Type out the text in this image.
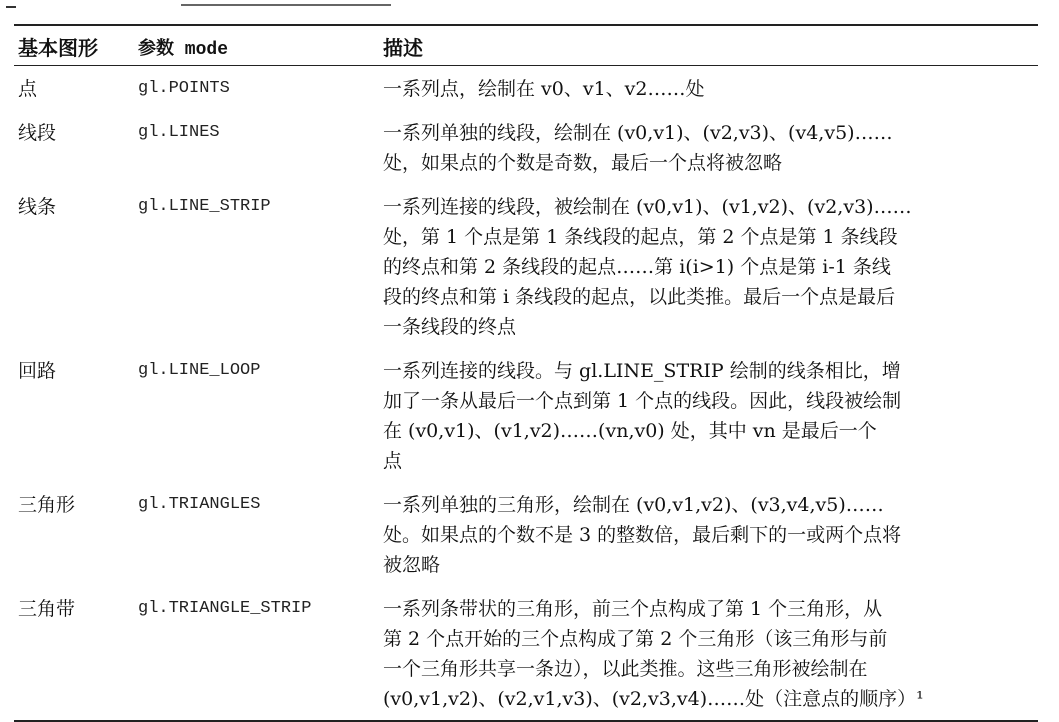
基本图形	参数 mode	描述
点	gl.POINTS	一系列点，绘制在 v0、v1、v2……处

线段	gl.LINES	一系列单独的线段，绘制在 (v0,v1)、(v2,v3)、(v4,v5)……
处，如果点的个数是奇数，最后一个点将被忽略

线条	gl.LINE_STRIP	一系列连接的线段，被绘制在 (v0,v1)、(v1,v2)、(v2,v3)……
处，第 1 个点是第 1 条线段的起点，第 2 个点是第 1 条线段
的终点和第 2 条线段的起点……第 i(i>1) 个点是第 i-1 条线
段的终点和第 i 条线段的起点，以此类推。最后一个点是最后
一条线段的终点

回路	gl.LINE_LOOP	一系列连接的线段。与 gl.LINE_STRIP 绘制的线条相比，增
加了一条从最后一个点到第 1 个点的线段。因此，线段被绘制
在 (v0,v1)、(v1,v2)……(vn,v0) 处，其中 vn 是最后一个
点

三角形	gl.TRIANGLES	一系列单独的三角形，绘制在 (v0,v1,v2)、(v3,v4,v5)……
处。如果点的个数不是 3 的整数倍，最后剩下的一或两个点将
被忽略

三角带	gl.TRIANGLE_STRIP	一系列条带状的三角形，前三个点构成了第 1 个三角形，从
第 2 个点开始的三个点构成了第 2 个三角形（该三角形与前
一个三角形共享一条边），以此类推。这些三角形被绘制在
(v0,v1,v2)、(v2,v1,v3)、(v2,v3,v4)……处（注意点的顺序）¹
